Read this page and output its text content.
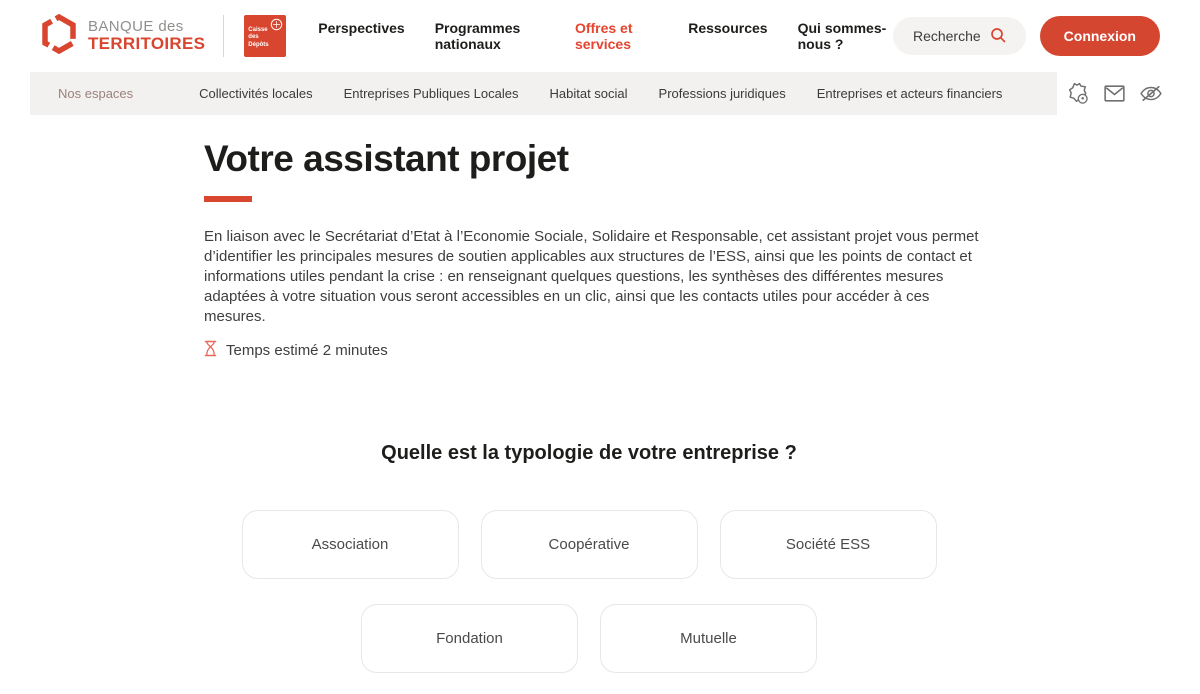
BANQUE des
TERRITOIRES
Caisse des Dépôts
Perspectives Programmes nationaux
Offres et services
Ressources Qui sommes-nous ?	Recherche	Connexion
Nos espaces	Collectivités locales Entreprises Publiques Locales Habitat social Professions juridiques Entreprises et acteurs financiers
Votre assistant projet

En liaison avec le Secrétariat d’Etat à l’Economie Sociale, Solidaire et Responsable, cet assistant projet vous permet d’identifier les principales mesures de soutien applicables aux structures de l’ESS, ainsi que les points de contact et informations utiles pendant la crise : en renseignant quelques questions, les synthèses des différentes mesures adaptées à votre situation vous seront accessibles en un clic, ainsi que les contacts utiles pour accéder à ces mesures.

Temps estimé 2 minutes
Quelle est la typologie de votre entreprise ?
Association	Coopérative	Société ESS
Fondation	Mutuelle
